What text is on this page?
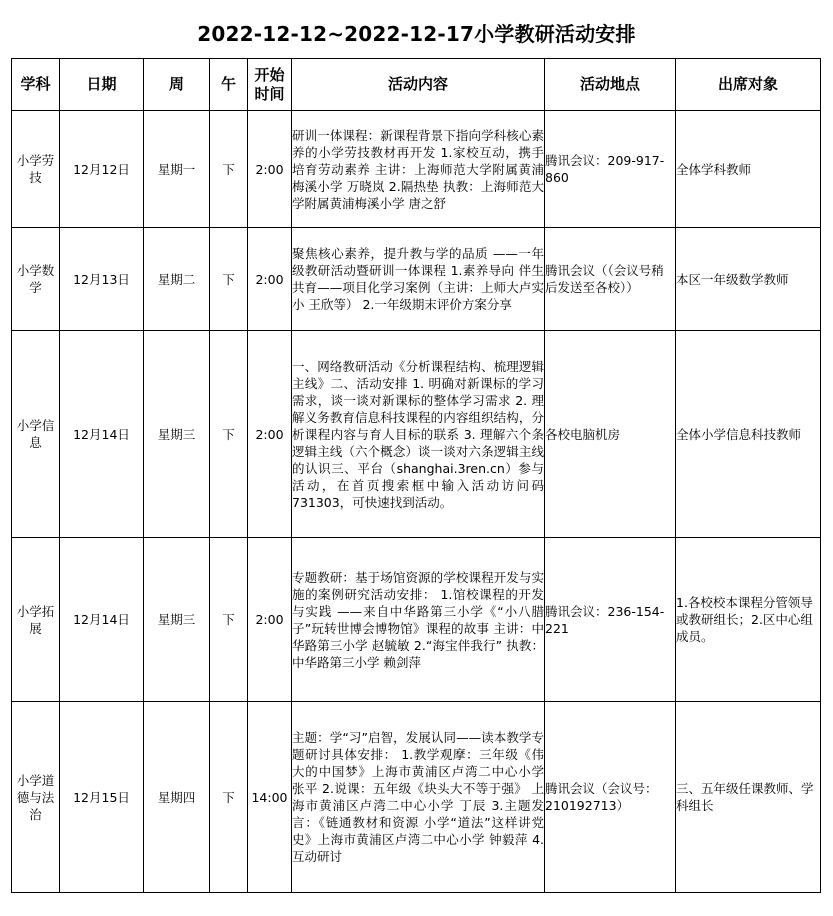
2022-12-12~2022-12-17小学教研活动安排
学科	日期	周	午	开始时间	活动内容	活动地点	出席对象
小学劳技	12月12日	星期一	下	2:00	研训一体课程：新课程背景下指向学科核心素养的小学劳技教材再开发 1.家校互动，携手培育劳动素养 主讲：上海师范大学附属黄浦梅溪小学 万晓岚 2.隔热垫 执教：上海师范大学附属黄浦梅溪小学 唐之舒	腾讯会议：209-917-860	全体学科教师
小学数学	12月13日	星期二	下	2:00	聚焦核心素养，提升教与学的品质 ——一年级教研活动暨研训一体课程 1.素养导向 伴生共育——项目化学习案例（主讲：上师大卢实小 王欣等） 2.一年级期末评价方案分享	腾讯会议（（会议号稍后发送至各校））	本区一年级数学教师
小学信息	12月14日	星期三	下	2:00	一、网络教研活动《分析课程结构、梳理逻辑主线》二、活动安排 1. 明确对新课标的学习需求，谈一谈对新课标的整体学习需求 2. 理解义务教育信息科技课程的内容组织结构，分析课程内容与育人目标的联系 3. 理解六个条逻辑主线（六个概念）谈一谈对六条逻辑主线的认识三、平台（shanghai.3ren.cn）参与活动，在首页搜索框中输入活动访问码731303，可快速找到活动。	各校电脑机房	全体小学信息科技教师
小学拓展	12月14日	星期三	下	2:00	专题教研：基于场馆资源的学校课程开发与实施的案例研究活动安排： 1.馆校课程的开发与实践 ——来自中华路第三小学《“小八腊子”玩转世博会博物馆》课程的故事 主讲：中华路第三小学 赵毓敏 2.“海宝伴我行” 执教：中华路第三小学 赖剑萍	腾讯会议：236-154-221	1.各校校本课程分管领导或教研组长；2.区中心组成员。
小学道德与法治	12月15日	星期四	下	14:00	主题：学“习”启智，发展认同——读本教学专题研讨具体安排： 1.教学观摩：三年级《伟大的中国梦》上海市黄浦区卢湾二中心小学 张平 2.说课：五年级《块头大不等于强》 上海市黄浦区卢湾二中心小学 丁辰 3.主题发言：《链通教材和资源 小学“道法”这样讲党史》上海市黄浦区卢湾二中心小学 钟毅萍 4.互动研讨	腾讯会议（会议号：210192713）	三、五年级任课教师、学科组长
